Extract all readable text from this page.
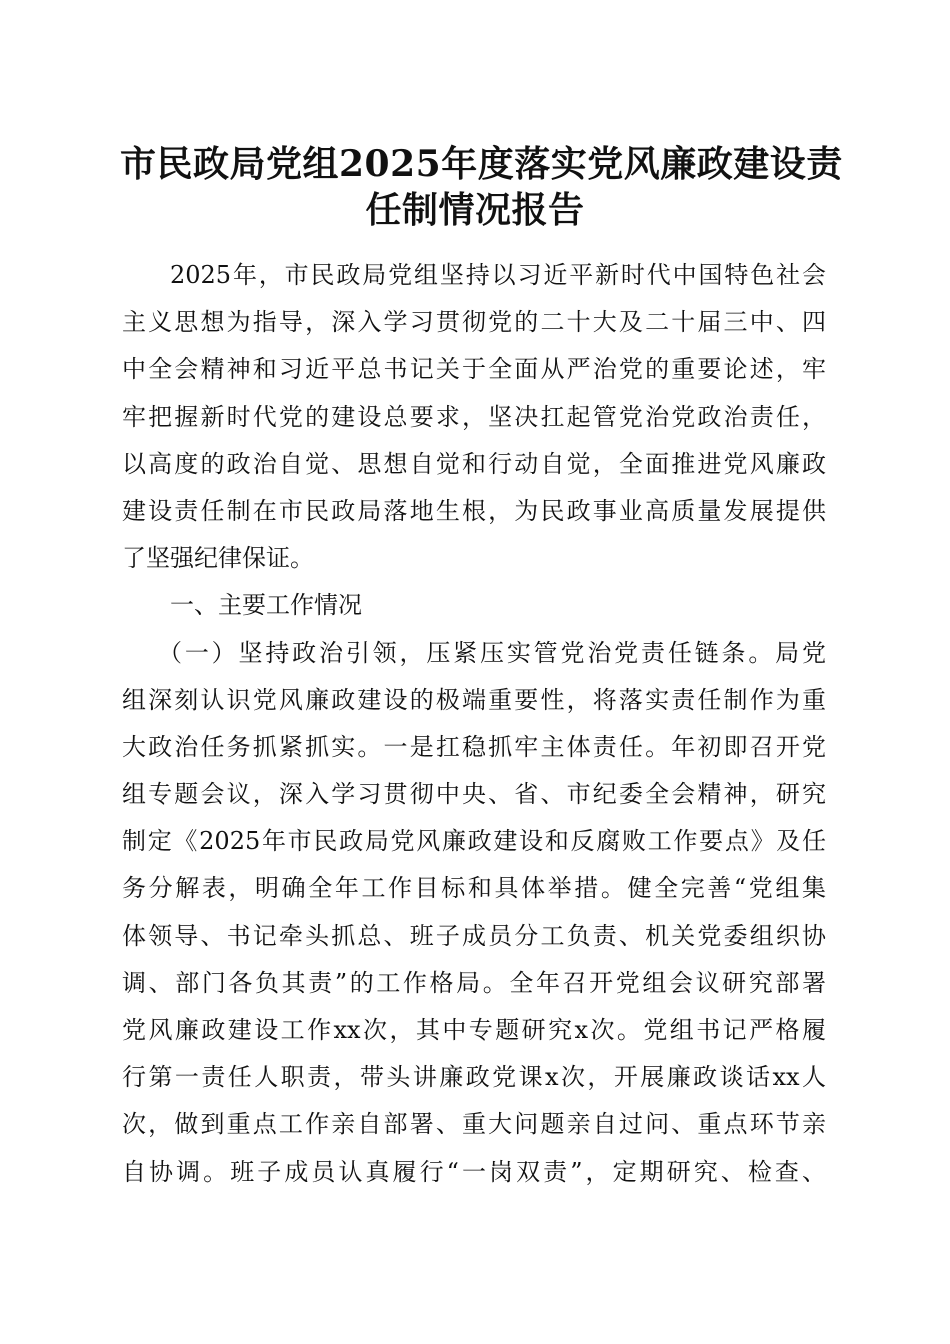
市民政局党组2025年度落实党风廉政建设责
任制情况报告
2025年，市民政局党组坚持以习近平新时代中国特色社会
主义思想为指导，深入学习贯彻党的二十大及二十届三中、四
中全会精神和习近平总书记关于全面从严治党的重要论述，牢
牢把握新时代党的建设总要求，坚决扛起管党治党政治责任，
以高度的政治自觉、思想自觉和行动自觉，全面推进党风廉政
建设责任制在市民政局落地生根，为民政事业高质量发展提供
了坚强纪律保证。
一、主要工作情况
（一）坚持政治引领，压紧压实管党治党责任链条。局党
组深刻认识党风廉政建设的极端重要性，将落实责任制作为重
大政治任务抓紧抓实。一是扛稳抓牢主体责任。年初即召开党
组专题会议，深入学习贯彻中央、省、市纪委全会精神，研究
制定《2025年市民政局党风廉政建设和反腐败工作要点》及任
务分解表，明确全年工作目标和具体举措。健全完善“党组集
体领导、书记牵头抓总、班子成员分工负责、机关党委组织协
调、部门各负其责”的工作格局。全年召开党组会议研究部署
党风廉政建设工作xx次，其中专题研究x次。党组书记严格履
行第一责任人职责，带头讲廉政党课x次，开展廉政谈话xx人
次，做到重点工作亲自部署、重大问题亲自过问、重点环节亲
自协调。班子成员认真履行“一岗双责”，定期研究、检查、
